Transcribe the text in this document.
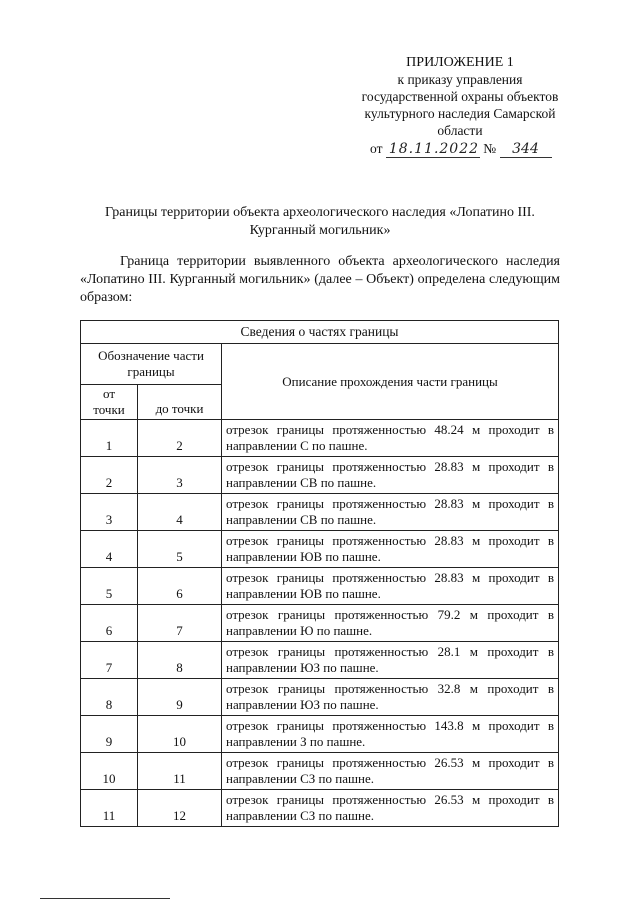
ПРИЛОЖЕНИЕ 1
к приказу управления
государственной охраны объектов
культурного наследия Самарской
области
от 18.11.2022 № 344
Границы территории объекта археологического наследия «Лопатино III. Курганный могильник»
Граница территории выявленного объекта археологического наследия «Лопатино III. Курганный могильник» (далее – Объект) определена следующим образом:
Сведения о частях границы		
Обозначение части границы		Описание прохождения части границы
от точки	до точки	
1	2	отрезок границы протяженностью 48.24 м проходит в направлении С по пашне.
2	3	отрезок границы протяженностью 28.83 м проходит в направлении СВ по пашне.
3	4	отрезок границы протяженностью 28.83 м проходит в направлении СВ по пашне.
4	5	отрезок границы протяженностью 28.83 м проходит в направлении ЮВ по пашне.
5	6	отрезок границы протяженностью 28.83 м проходит в направлении ЮВ по пашне.
6	7	отрезок границы протяженностью 79.2 м проходит в направлении Ю по пашне.
7	8	отрезок границы протяженностью 28.1 м проходит в направлении ЮЗ по пашне.
8	9	отрезок границы протяженностью 32.8 м проходит в направлении ЮЗ по пашне.
9	10	отрезок границы протяженностью 143.8 м проходит в направлении З по пашне.
10	11	отрезок границы протяженностью 26.53 м проходит в направлении СЗ по пашне.
11	12	отрезок границы протяженностью 26.53 м проходит в направлении СЗ по пашне.
